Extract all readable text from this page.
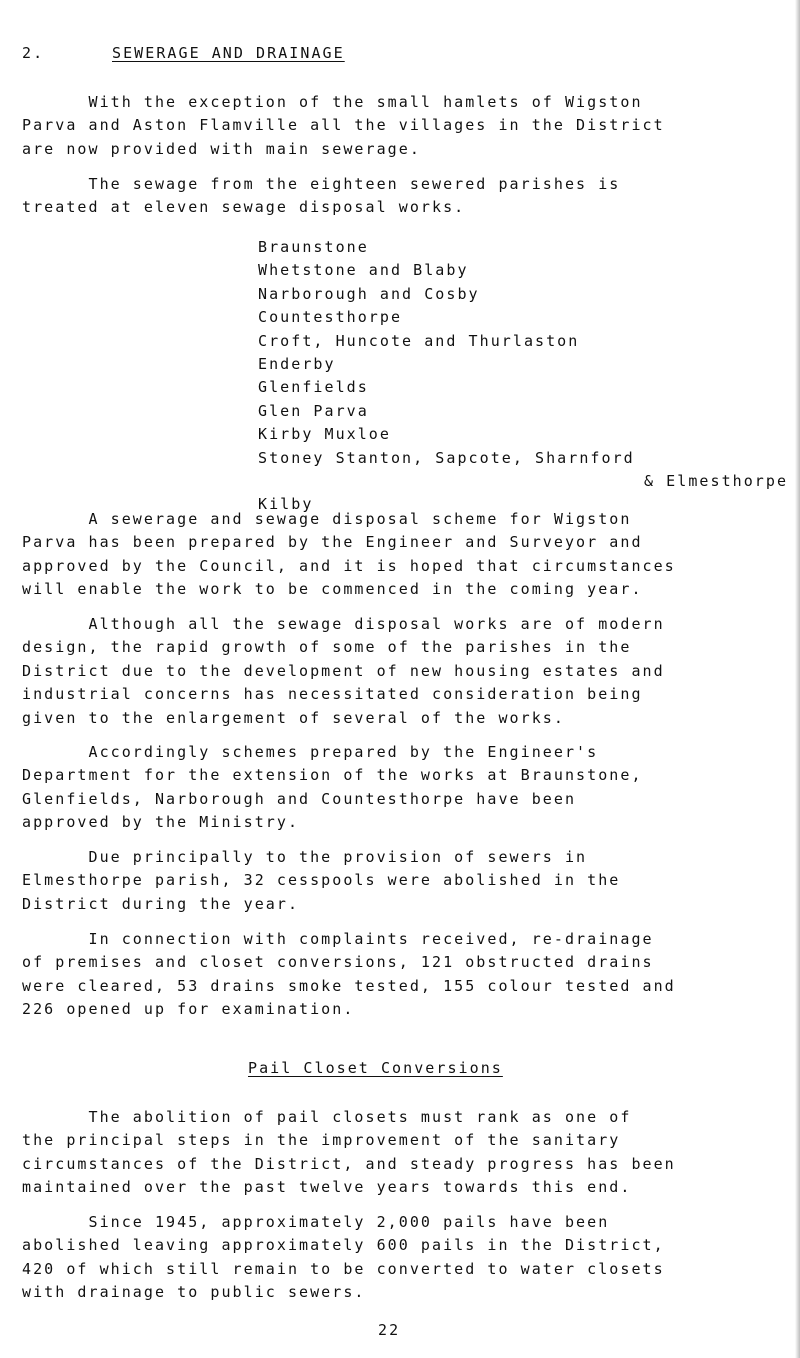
2.	SEWERAGE AND DRAINAGE

With the exception of the small hamlets of Wigston
Parva and Aston Flamville all the villages in the District
are now provided with main sewerage.

The sewage from the eighteen sewered parishes is
treated at eleven sewage disposal works.

Braunstone
Whetstone and Blaby
Narborough and Cosby
Countesthorpe
Croft, Huncote and Thurlaston
Enderby
Glenfields
Glen Parva
Kirby Muxloe
Stoney Stanton, Sapcote, Sharnford
& Elmesthorpe
Kilby

A sewerage and sewage disposal scheme for Wigston
Parva has been prepared by the Engineer and Surveyor and
approved by the Council, and it is hoped that circumstances
will enable the work to be commenced in the coming year.

Although all the sewage disposal works are of modern
design, the rapid growth of some of the parishes in the
District due to the development of new housing estates and
industrial concerns has necessitated consideration being
given to the enlargement of several of the works.

Accordingly schemes prepared by the Engineer's
Department for the extension of the works at Braunstone,
Glenfields, Narborough and Countesthorpe have been
approved by the Ministry.

Due principally to the provision of sewers in
Elmesthorpe parish, 32 cesspools were abolished in the
District during the year.

In connection with complaints received, re-drainage
of premises and closet conversions, 121 obstructed drains
were cleared, 53 drains smoke tested, 155 colour tested and
226 opened up for examination.

Pail Closet Conversions

The abolition of pail closets must rank as one of
the principal steps in the improvement of the sanitary
circumstances of the District, and steady progress has been
maintained over the past twelve years towards this end.

Since 1945, approximately 2,000 pails have been
abolished leaving approximately 600 pails in the District,
420 of which still remain to be converted to water closets
with drainage to public sewers.

22
